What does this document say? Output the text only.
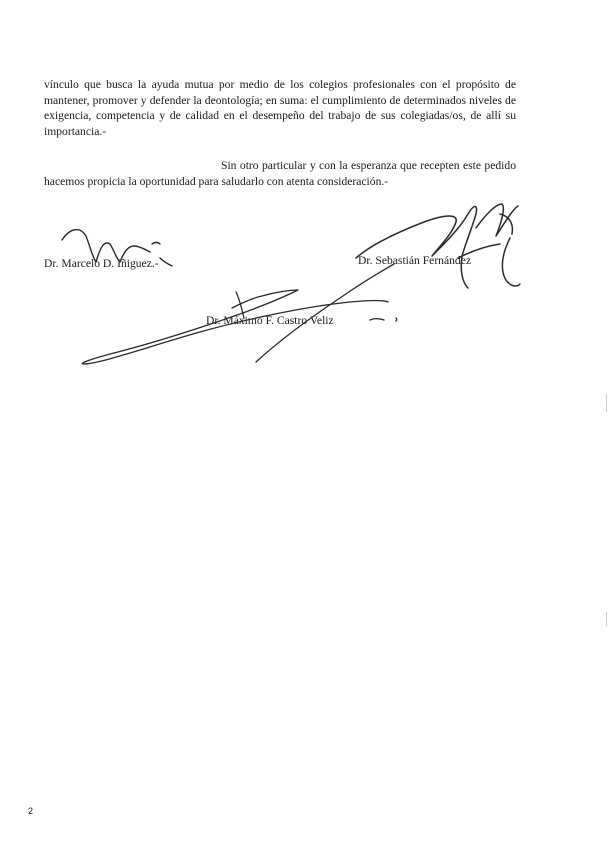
vínculo que busca la ayuda mutua por medio de los colegios profesionales con el propósito de mantener, promover y defender la deontología; en suma: el cumplimiento de determinados niveles de exigencia, competencia y de calidad en el desempeño del trabajo de sus colegiadas/os, de allí su importancia.-

Sin otro particular y con la esperanza que recepten este pedido hacemos propicia la oportunidad para saludarlo con atenta consideración.-

Dr. Marcelo D. Iñiguez.-	Dr. Sebastián Fernández
Dr. Máximo F. Castro Veliz
2
